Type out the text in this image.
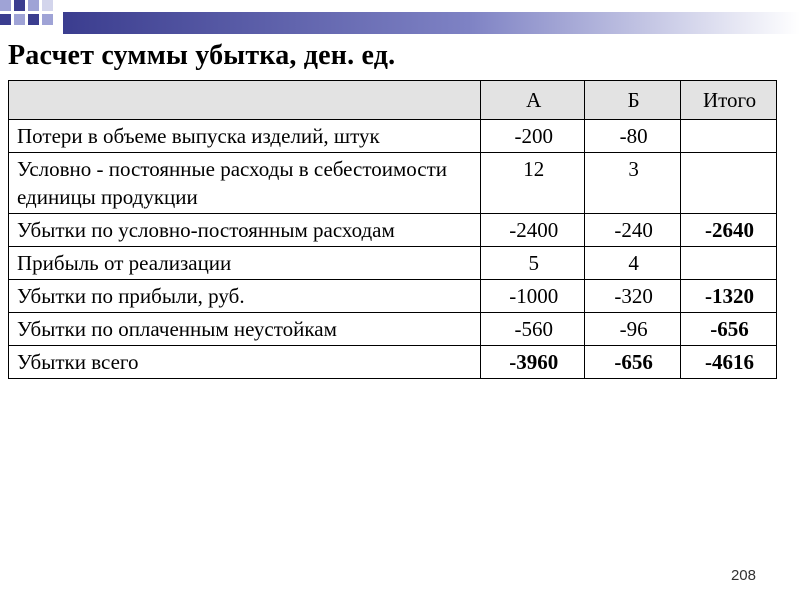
Расчет суммы убытка, ден. ед.
	А	Б	Итого
Потери в объеме выпуска изделий, штук	-200	-80	
Условно - постоянные расходы в себестоимости единицы продукции	12	3	
Убытки по условно-постоянным расходам	-2400	-240	-2640
Прибыль от реализации	5	4	
Убытки по прибыли, руб.	-1000	-320	-1320
Убытки по оплаченным неустойкам	-560	-96	-656
Убытки всего	-3960	-656	-4616
208
